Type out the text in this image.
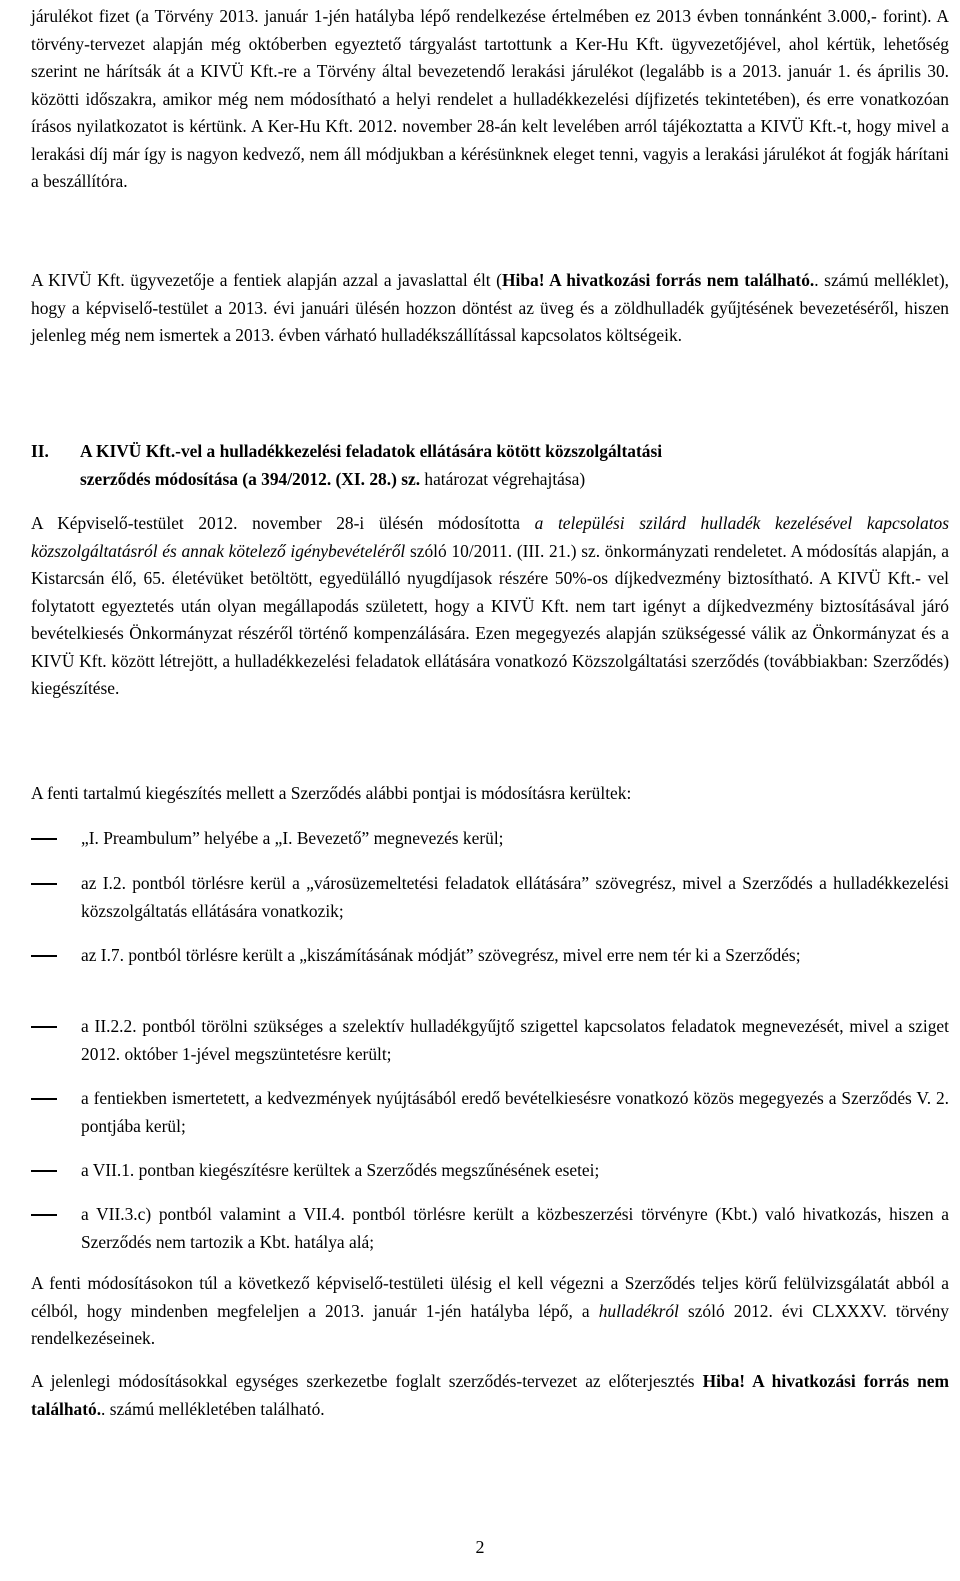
járulékot fizet (a Törvény 2013. január 1-jén hatályba lépő rendelkezése értelmében ez 2013 évben tonnánként 3.000,- forint). A törvény-tervezet alapján még októberben egyeztető tárgyalást tartottunk a Ker-Hu Kft. ügyvezetőjével, ahol kértük, lehetőség szerint ne hárítsák át a KIVÜ Kft.-re a Törvény által bevezetendő lerakási járulékot (legalább is a 2013. január 1. és április 30. közötti időszakra, amikor még nem módosítható a helyi rendelet a hulladékkezelési díjfizetés tekintetében), és erre vonatkozóan írásos nyilatkozatot is kértünk. A Ker-Hu Kft. 2012. november 28-án kelt levelében arról tájékoztatta a KIVÜ Kft.-t, hogy mivel a lerakási díj már így is nagyon kedvező, nem áll módjukban a kérésünknek eleget tenni, vagyis a lerakási járulékot át fogják hárítani a beszállítóra.

A KIVÜ Kft. ügyvezetője a fentiek alapján azzal a javaslattal élt (Hiba! A hivatkozási forrás nem található.. számú melléklet), hogy a képviselő-testület a 2013. évi januári ülésén hozzon döntést az üveg és a zöldhulladék gyűjtésének bevezetéséről, hiszen jelenleg még nem ismertek a 2013. évben várható hulladékszállítással kapcsolatos költségeik.

II. A KIVÜ Kft.-vel a hulladékkezelési feladatok ellátására kötött közszolgáltatási
szerződés módosítása (a 394/2012. (XI. 28.) sz. határozat végrehajtása)

A Képviselő-testület 2012. november 28-i ülésén módosította a települési szilárd hulladék kezelésével kapcsolatos közszolgáltatásról és annak kötelező igénybevételéről szóló 10/2011. (III. 21.) sz. önkormányzati rendeletet. A módosítás alapján, a Kistarcsán élő, 65. életévüket betöltött, egyedülálló nyugdíjasok részére 50%-os díjkedvezmény biztosítható. A KIVÜ Kft.- vel folytatott egyeztetés után olyan megállapodás született, hogy a KIVÜ Kft. nem tart igényt a díjkedvezmény biztosításával járó bevételkiesés Önkormányzat részéről történő kompenzálására. Ezen megegyezés alapján szükségessé válik az Önkormányzat és a KIVÜ Kft. között létrejött, a hulladékkezelési feladatok ellátására vonatkozó Közszolgáltatási szerződés (továbbiakban: Szerződés) kiegészítése.

A fenti tartalmú kiegészítés mellett a Szerződés alábbi pontjai is módosításra kerültek:

„I. Preambulum” helyébe a „I. Bevezető” megnevezés kerül;
az I.2. pontból törlésre kerül a „városüzemeltetési feladatok ellátására” szövegrész, mivel a Szerződés a hulladékkezelési közszolgáltatás ellátására vonatkozik;
az I.7. pontból törlésre került a „kiszámításának módját” szövegrész, mivel erre nem tér ki a Szerződés;
a II.2.2. pontból törölni szükséges a szelektív hulladékgyűjtő szigettel kapcsolatos feladatok megnevezését, mivel a sziget 2012. október 1-jével megszüntetésre került;
a fentiekben ismertetett, a kedvezmények nyújtásából eredő bevételkiesésre vonatkozó közös megegyezés a Szerződés V. 2. pontjába kerül;
a VII.1. pontban kiegészítésre kerültek a Szerződés megszűnésének esetei;
a VII.3.c) pontból valamint a VII.4. pontból törlésre került a közbeszerzési törvényre (Kbt.) való hivatkozás, hiszen a Szerződés nem tartozik a Kbt. hatálya alá;

A fenti módosításokon túl a következő képviselő-testületi ülésig el kell végezni a Szerződés teljes körű felülvizsgálatát abból a célból, hogy mindenben megfeleljen a 2013. január 1-jén hatályba lépő, a hulladékról szóló 2012. évi CLXXXV. törvény rendelkezéseinek.

A jelenlegi módosításokkal egységes szerkezetbe foglalt szerződés-tervezet az előterjesztés Hiba! A hivatkozási forrás nem található.. számú mellékletében található.

2
